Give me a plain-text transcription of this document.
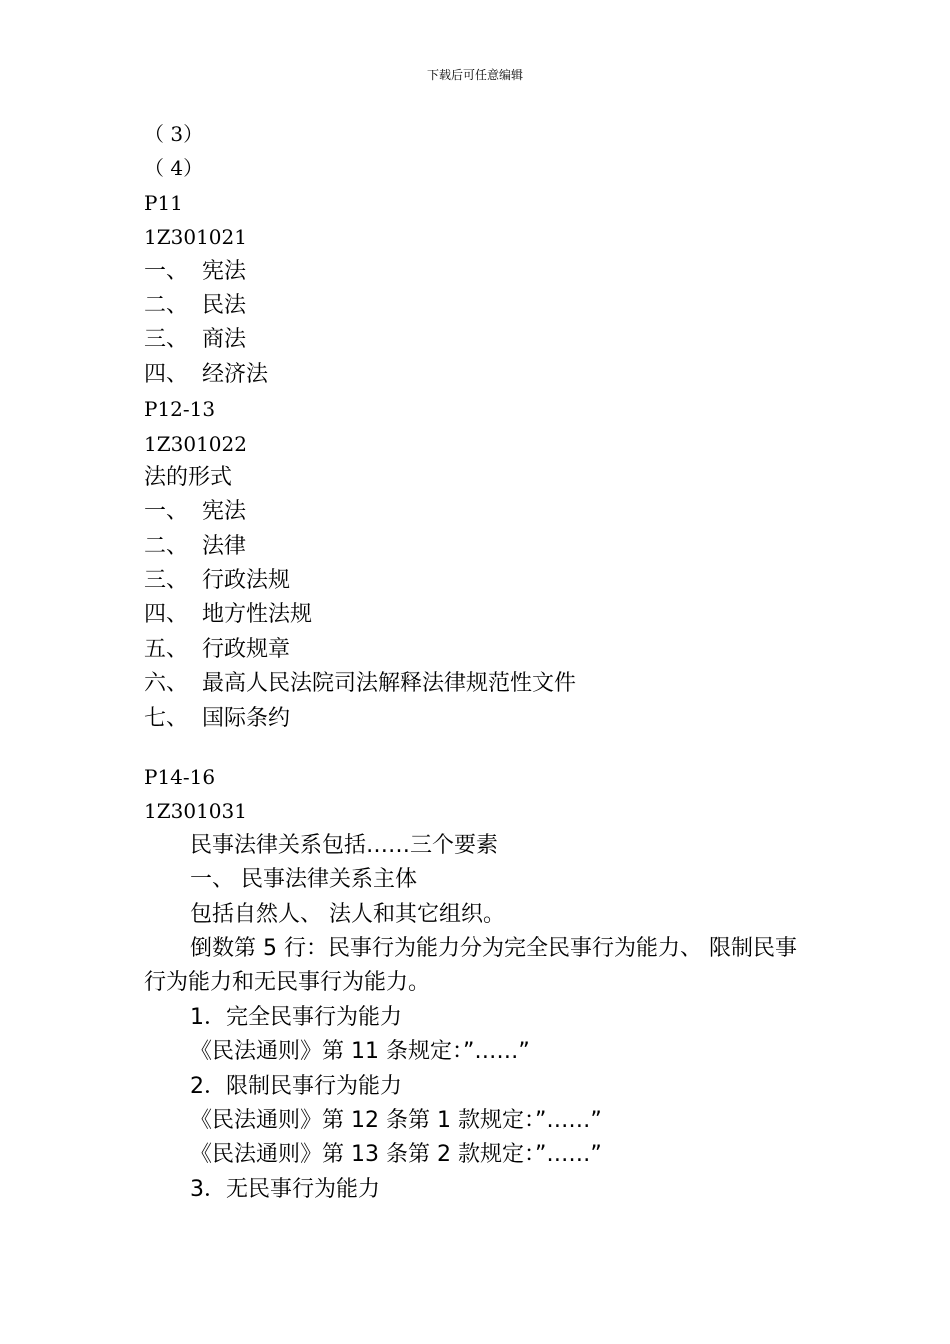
下载后可任意编辑
（ 3）
（ 4）
P11
1Z301021
一、 宪法
二、 民法
三、 商法
四、 经济法
P12-13
1Z301022
法的形式
一、 宪法
二、 法律
三、 行政法规
四、 地方性法规
五、 行政规章
六、 最高人民法院司法解释法律规范性文件
七、 国际条约
P14-16
1Z301031
民事法律关系包括……三个要素
一、 民事法律关系主体
包括自然人、 法人和其它组织。
倒数第 5 行：民事行为能力分为完全民事行为能力、 限制民事行为能力和无民事行为能力。
1．完全民事行为能力
《民法通则》第 11 条规定：”……”
2．限制民事行为能力
《民法通则》第 12 条第 1 款规定：”……”
《民法通则》第 13 条第 2 款规定：”……”
3．无民事行为能力
